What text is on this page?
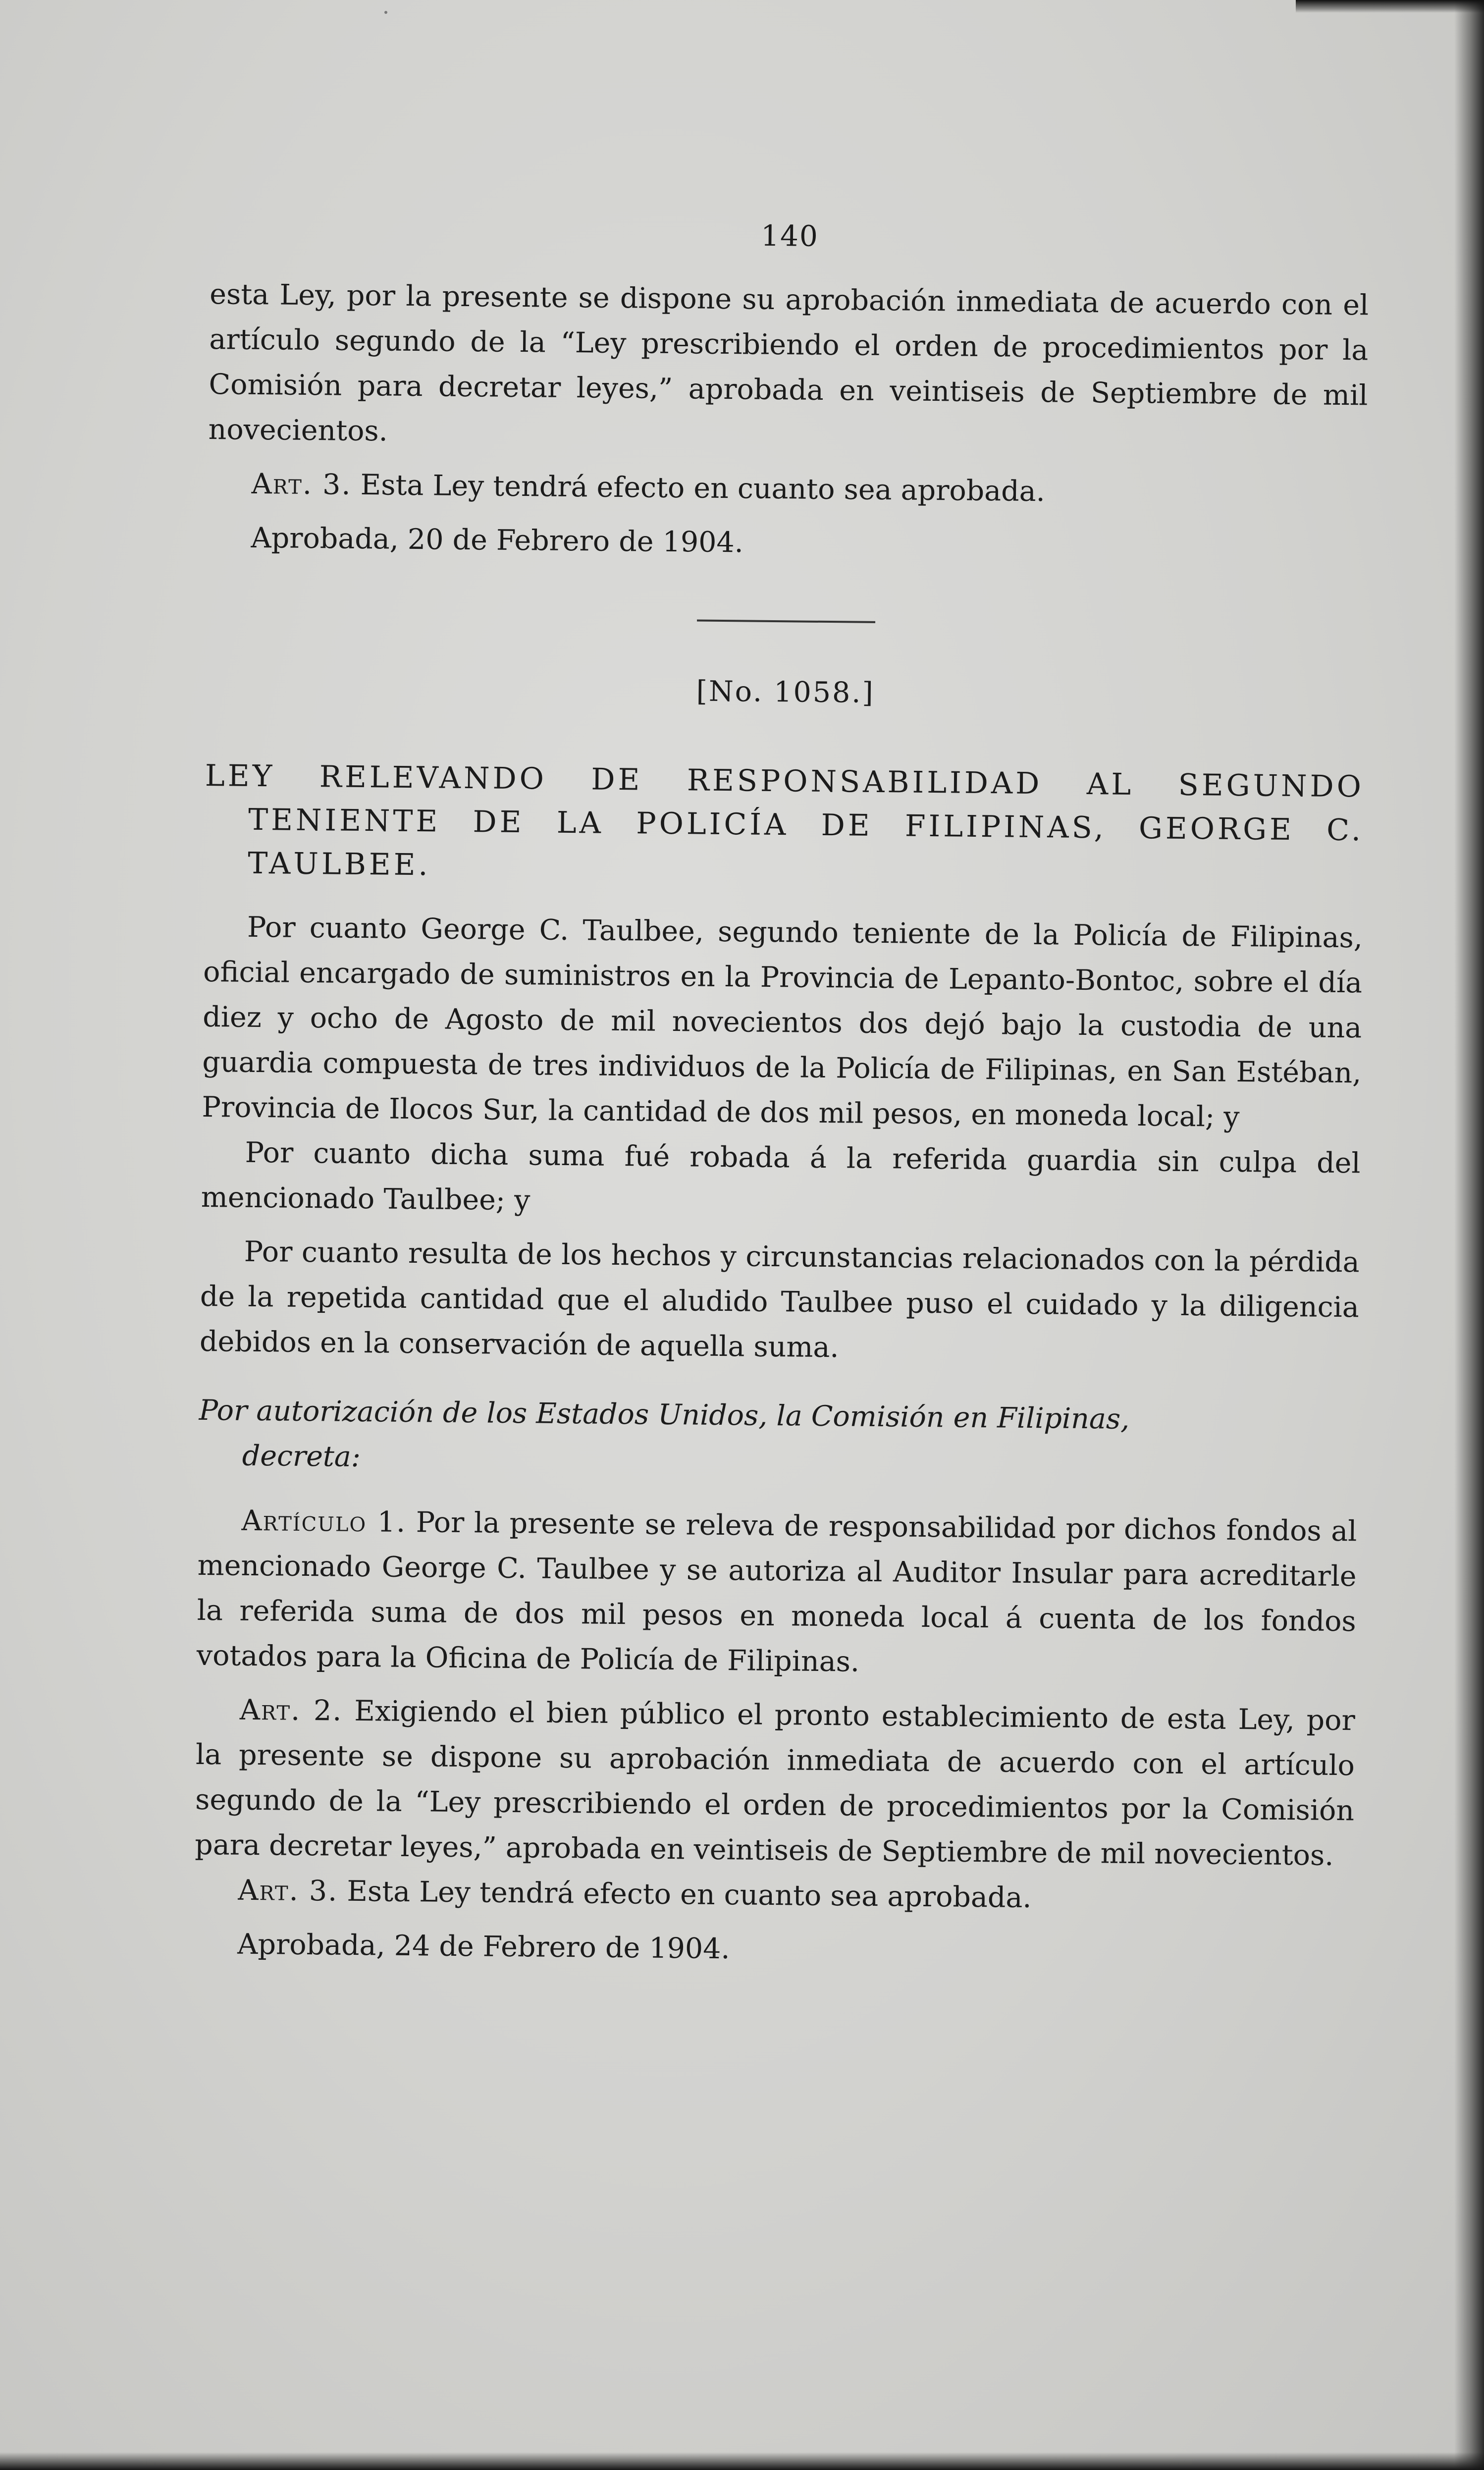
140

esta Ley, por la presente se dispone su aprobación inmediata de acuerdo con el artículo segundo de la “Ley prescribiendo el orden de procedimientos por la Comisión para decretar leyes,” aprobada en veintiseis de Septiembre de mil novecientos.

Art. 3. Esta Ley tendrá efecto en cuanto sea aprobada.

Aprobada, 20 de Febrero de 1904.

[No. 1058.]
LEY RELEVANDO DE RESPONSABILIDAD AL SEGUNDO TENIENTE DE LA POLICÍA DE FILIPINAS, GEORGE C. TAULBEE.

Por cuanto George C. Taulbee, segundo teniente de la Policía de Filipinas, oficial encargado de suministros en la Provincia de Lepanto-Bontoc, sobre el día diez y ocho de Agosto de mil novecientos dos dejó bajo la custodia de una guardia compuesta de tres individuos de la Policía de Filipinas, en San Estéban, Provincia de Ilocos Sur, la cantidad de dos mil pesos, en moneda local; y

Por cuanto dicha suma fué robada á la referida guardia sin culpa del mencionado Taulbee; y

Por cuanto resulta de los hechos y circunstancias relacionados con la pérdida de la repetida cantidad que el aludido Taulbee puso el cuidado y la diligencia debidos en la conservación de aquella suma.

Por autorización de los Estados Unidos, la Comisión en Filipinas,
decreta:

Artículo 1. Por la presente se releva de responsabilidad por dichos fondos al mencionado George C. Taulbee y se autoriza al Auditor Insular para acreditarle la referida suma de dos mil pesos en moneda local á cuenta de los fondos votados para la Oficina de Policía de Filipinas.

Art. 2. Exigiendo el bien público el pronto establecimiento de esta Ley, por la presente se dispone su aprobación inmediata de acuerdo con el artículo segundo de la “Ley prescribiendo el orden de procedimientos por la Comisión para decretar leyes,” aprobada en veintiseis de Septiembre de mil novecientos.

Art. 3. Esta Ley tendrá efecto en cuanto sea aprobada.

Aprobada, 24 de Febrero de 1904.
